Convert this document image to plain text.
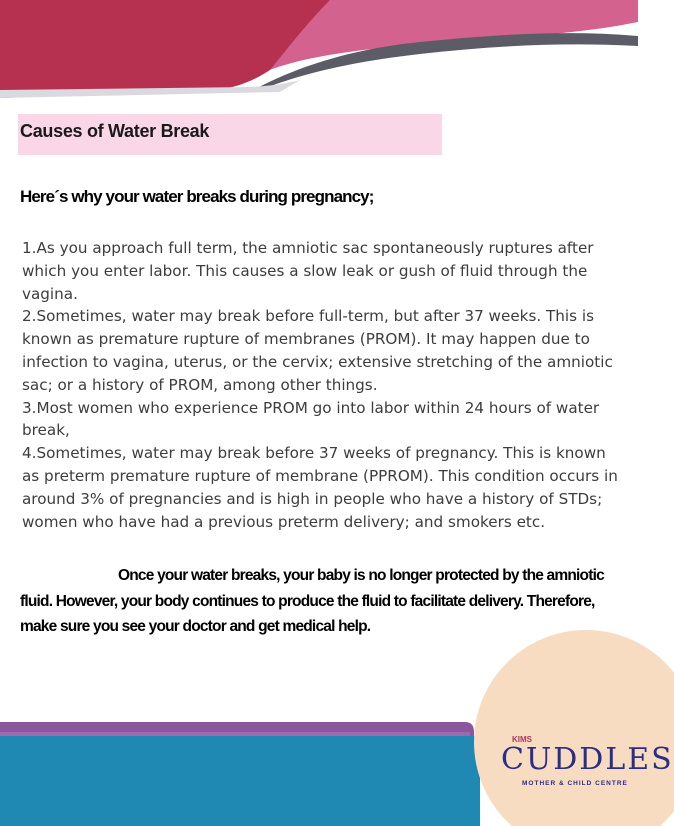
Causes of Water Break
Here´s why your water breaks during pregnancy;

1.As you approach full term, the amniotic sac spontaneously ruptures after which you enter labor. This causes a slow leak or gush of fluid through the vagina.

2.Sometimes, water may break before full-term, but after 37 weeks. This is known as premature rupture of membranes (PROM). It may happen due to infection to vagina, uterus, or the cervix; extensive stretching of the amniotic sac; or a history of PROM, among other things.

3.Most women who experience PROM go into labor within 24 hours of water break,

4.Sometimes, water may break before 37 weeks of pregnancy. This is known as preterm premature rupture of membrane (PPROM). This condition occurs in around 3% of pregnancies and is high in people who have a history of STDs; women who have had a previous preterm delivery; and smokers etc.

Once your water breaks, your baby is no longer protected by the amniotic fluid. However, your body continues to produce the fluid to facilitate delivery. Therefore, make sure you see your doctor and get medical help.
KIMS
CUDDLES
MOTHER & CHILD CENTRE
